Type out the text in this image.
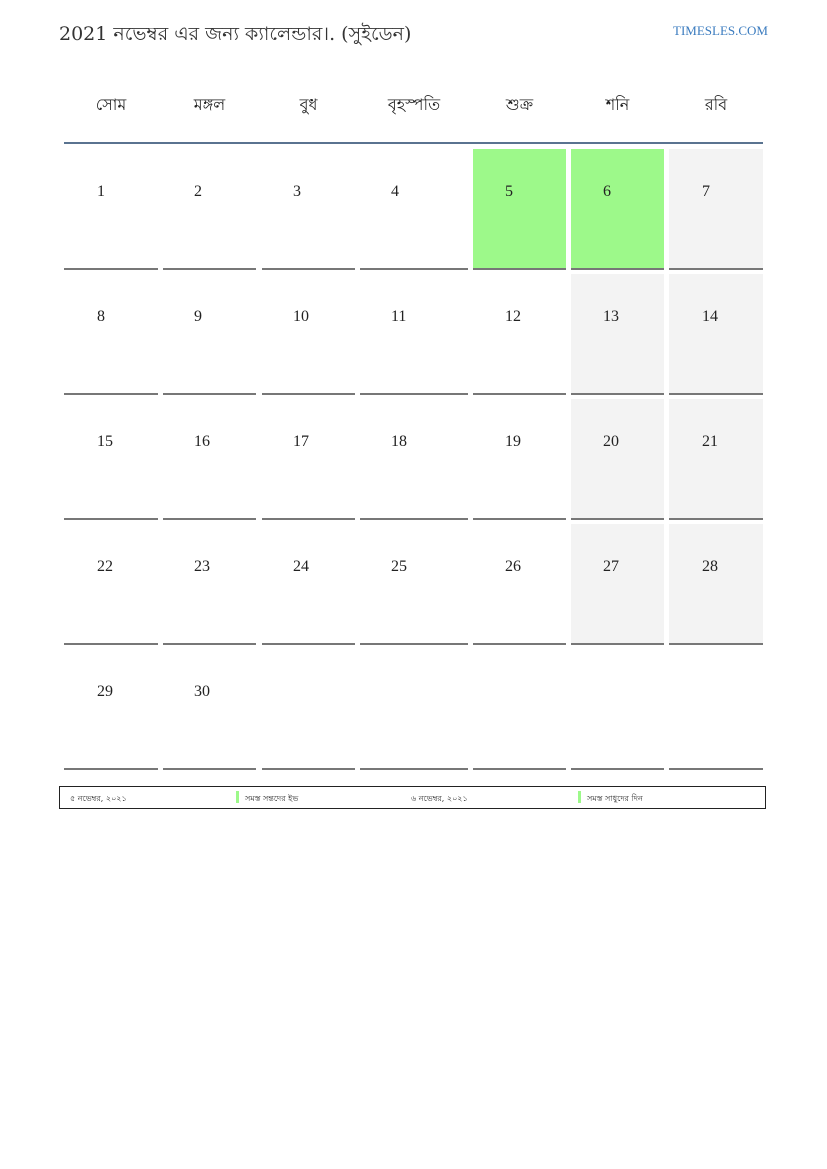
2021 নভেম্বর এর জন্য ক্যালেন্ডার।. (সুইডেন)	TIMESLES.COM
সোম	মঙ্গল	বুধ	বৃহস্পতি	শুক্র	শনি	রবি
1	2	3	4	5	6	7
8	9	10	11	12	13	14
15	16	17	18	19	20	21
22	23	24	25	26	27	28
29	30
৫ নভেম্বর, ২০২১	সমস্ত সন্তদের ইভ	৬ নভেম্বর, ২০২১	সমস্ত সাধুদের দিন
